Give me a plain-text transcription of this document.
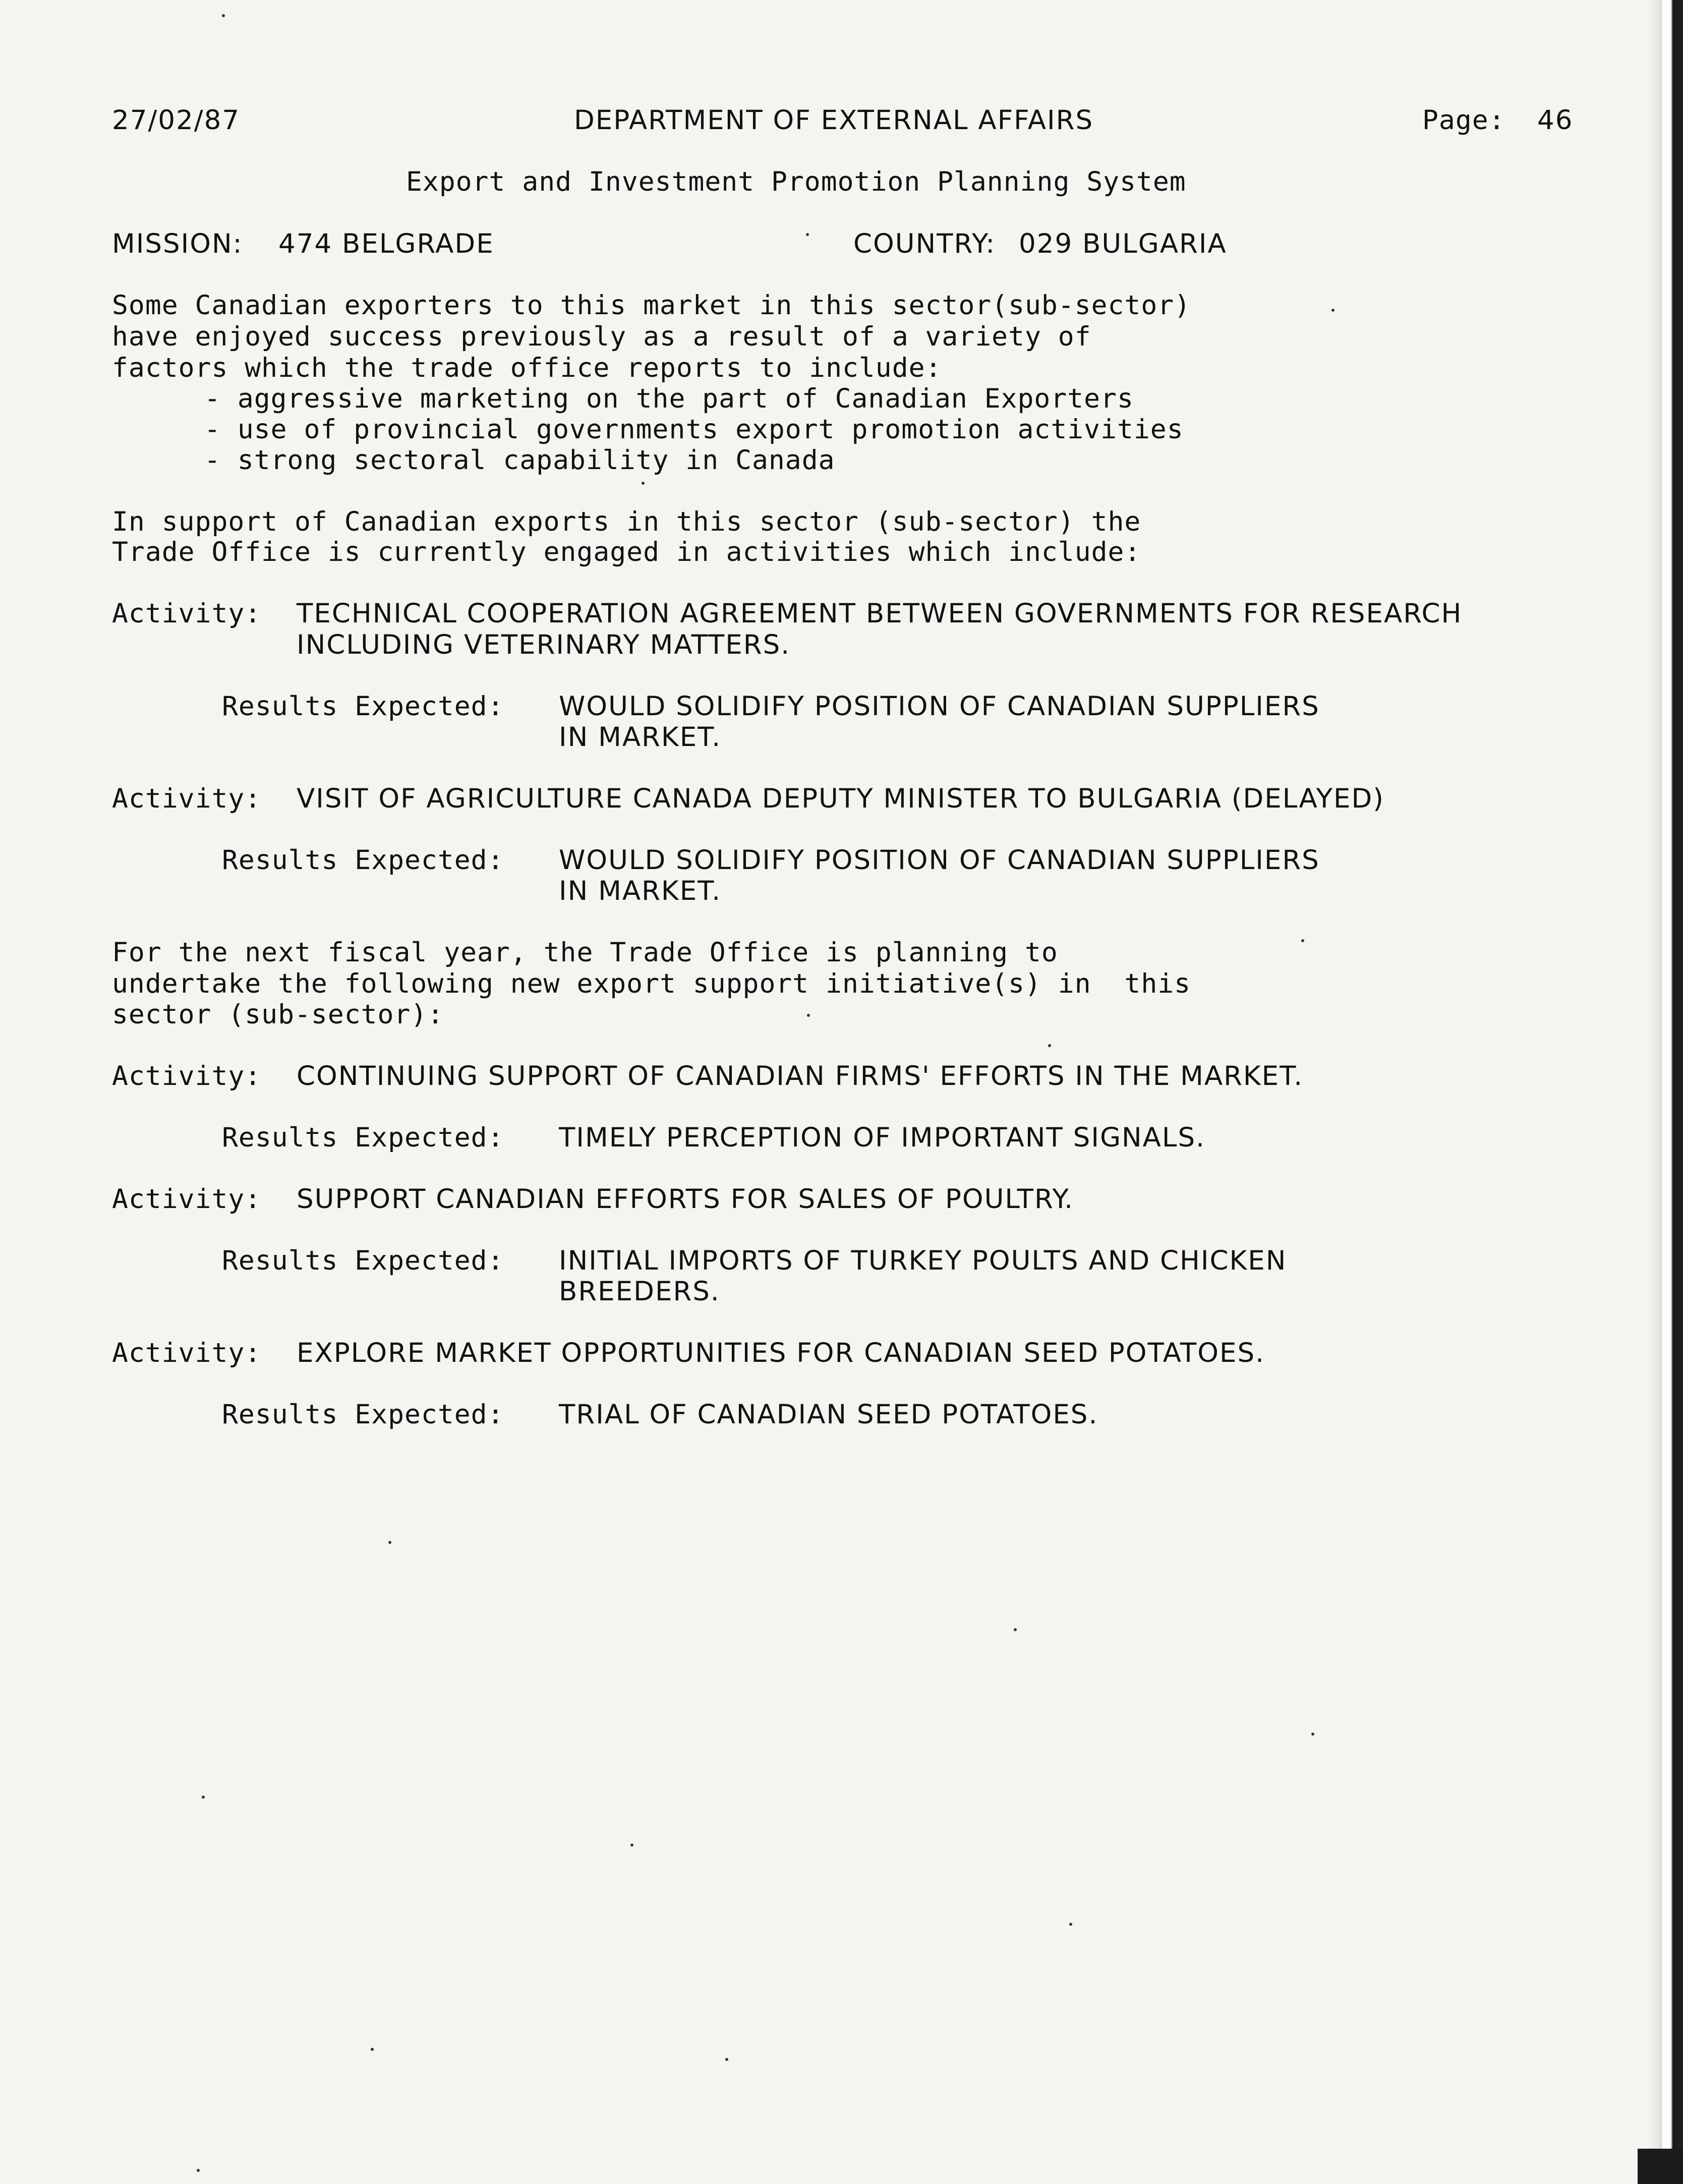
27/02/87	DEPARTMENT OF EXTERNAL AFFAIRS	Page: 46
Export and Investment Promotion Planning System
MISSION: 474 BELGRADE	COUNTRY: 029 BULGARIA
Some Canadian exporters to this market in this sector(sub-sector)
have enjoyed success previously as a result of a variety of
factors which the trade office reports to include:
- aggressive marketing on the part of Canadian Exporters
- use of provincial governments export promotion activities
- strong sectoral capability in Canada
In support of Canadian exports in this sector (sub-sector) the
Trade Office is currently engaged in activities which include:
Activity: TECHNICAL COOPERATION AGREEMENT BETWEEN GOVERNMENTS FOR RESEARCH
INCLUDING VETERINARY MATTERS.
Results Expected: WOULD SOLIDIFY POSITION OF CANADIAN SUPPLIERS
IN MARKET.
Activity: VISIT OF AGRICULTURE CANADA DEPUTY MINISTER TO BULGARIA (DELAYED)
Results Expected: WOULD SOLIDIFY POSITION OF CANADIAN SUPPLIERS
IN MARKET.
For the next fiscal year, the Trade Office is planning to
undertake the following new export support initiative(s) in  this
sector (sub-sector):
Activity: CONTINUING SUPPORT OF CANADIAN FIRMS' EFFORTS IN THE MARKET.
Results Expected: TIMELY PERCEPTION OF IMPORTANT SIGNALS.
Activity: SUPPORT CANADIAN EFFORTS FOR SALES OF POULTRY.
Results Expected: INITIAL IMPORTS OF TURKEY POULTS AND CHICKEN
BREEDERS.
Activity: EXPLORE MARKET OPPORTUNITIES FOR CANADIAN SEED POTATOES.
Results Expected: TRIAL OF CANADIAN SEED POTATOES.
